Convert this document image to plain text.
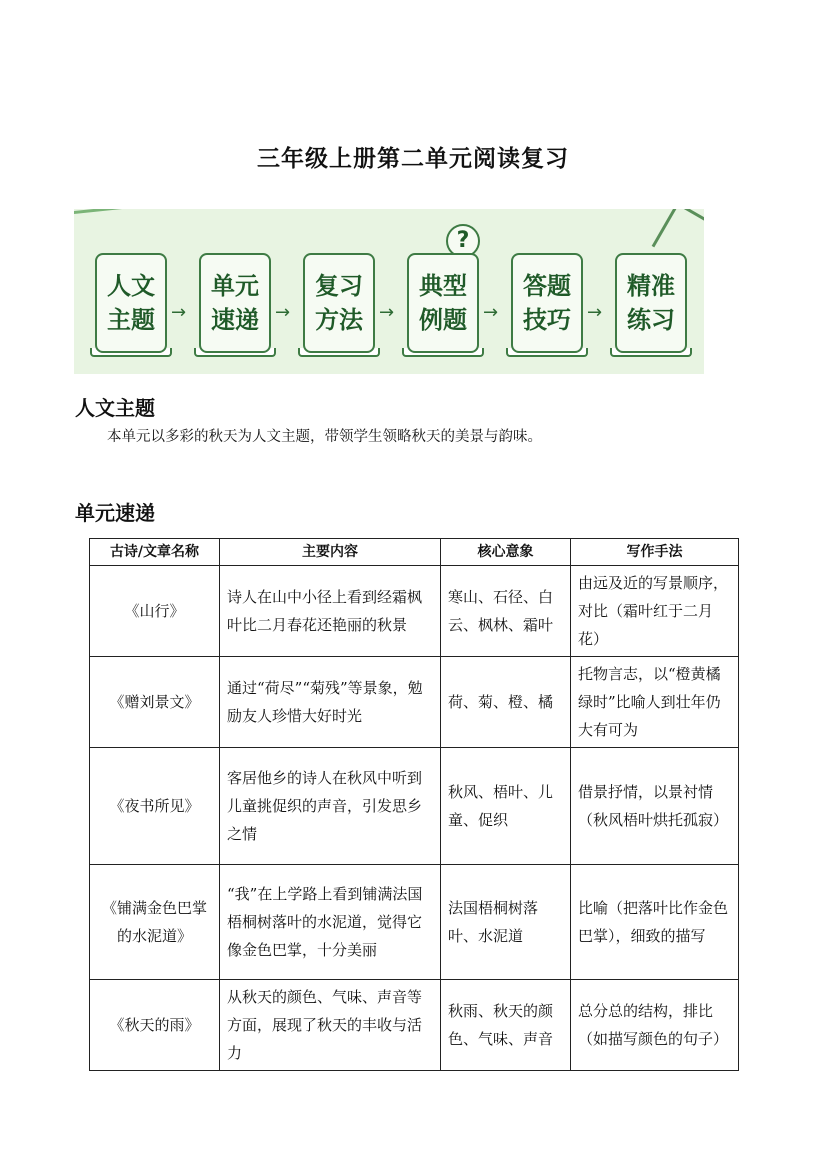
三年级上册第二单元阅读复习
人文
主题 →
单元
速递 →
复习
方法 →
?
典型
例题 →
答题
技巧 →
精准
练习
人文主题
本单元以多彩的秋天为人文主题，带领学生领略秋天的美景与韵味。
单元速递
古诗/文章名称	主要内容	核心意象	写作手法
《山行》	诗人在山中小径上看到经霜枫叶比二月春花还艳丽的秋景	寒山、石径、白云、枫林、霜叶	由远及近的写景顺序，对比（霜叶红于二月花）
《赠刘景文》	通过“荷尽”“菊残”等景象，勉励友人珍惜大好时光	荷、菊、橙、橘	托物言志，以“橙黄橘绿时”比喻人到壮年仍大有可为
《夜书所见》	客居他乡的诗人在秋风中听到儿童挑促织的声音，引发思乡之情	秋风、梧叶、儿童、促织	借景抒情，以景衬情（秋风梧叶烘托孤寂）
《铺满金色巴掌的水泥道》	“我”在上学路上看到铺满法国梧桐树落叶的水泥道，觉得它像金色巴掌，十分美丽	法国梧桐树落叶、水泥道	比喻（把落叶比作金色巴掌），细致的描写
《秋天的雨》	从秋天的颜色、气味、声音等方面，展现了秋天的丰收与活力	秋雨、秋天的颜色、气味、声音	总分总的结构，排比（如描写颜色的句子）
